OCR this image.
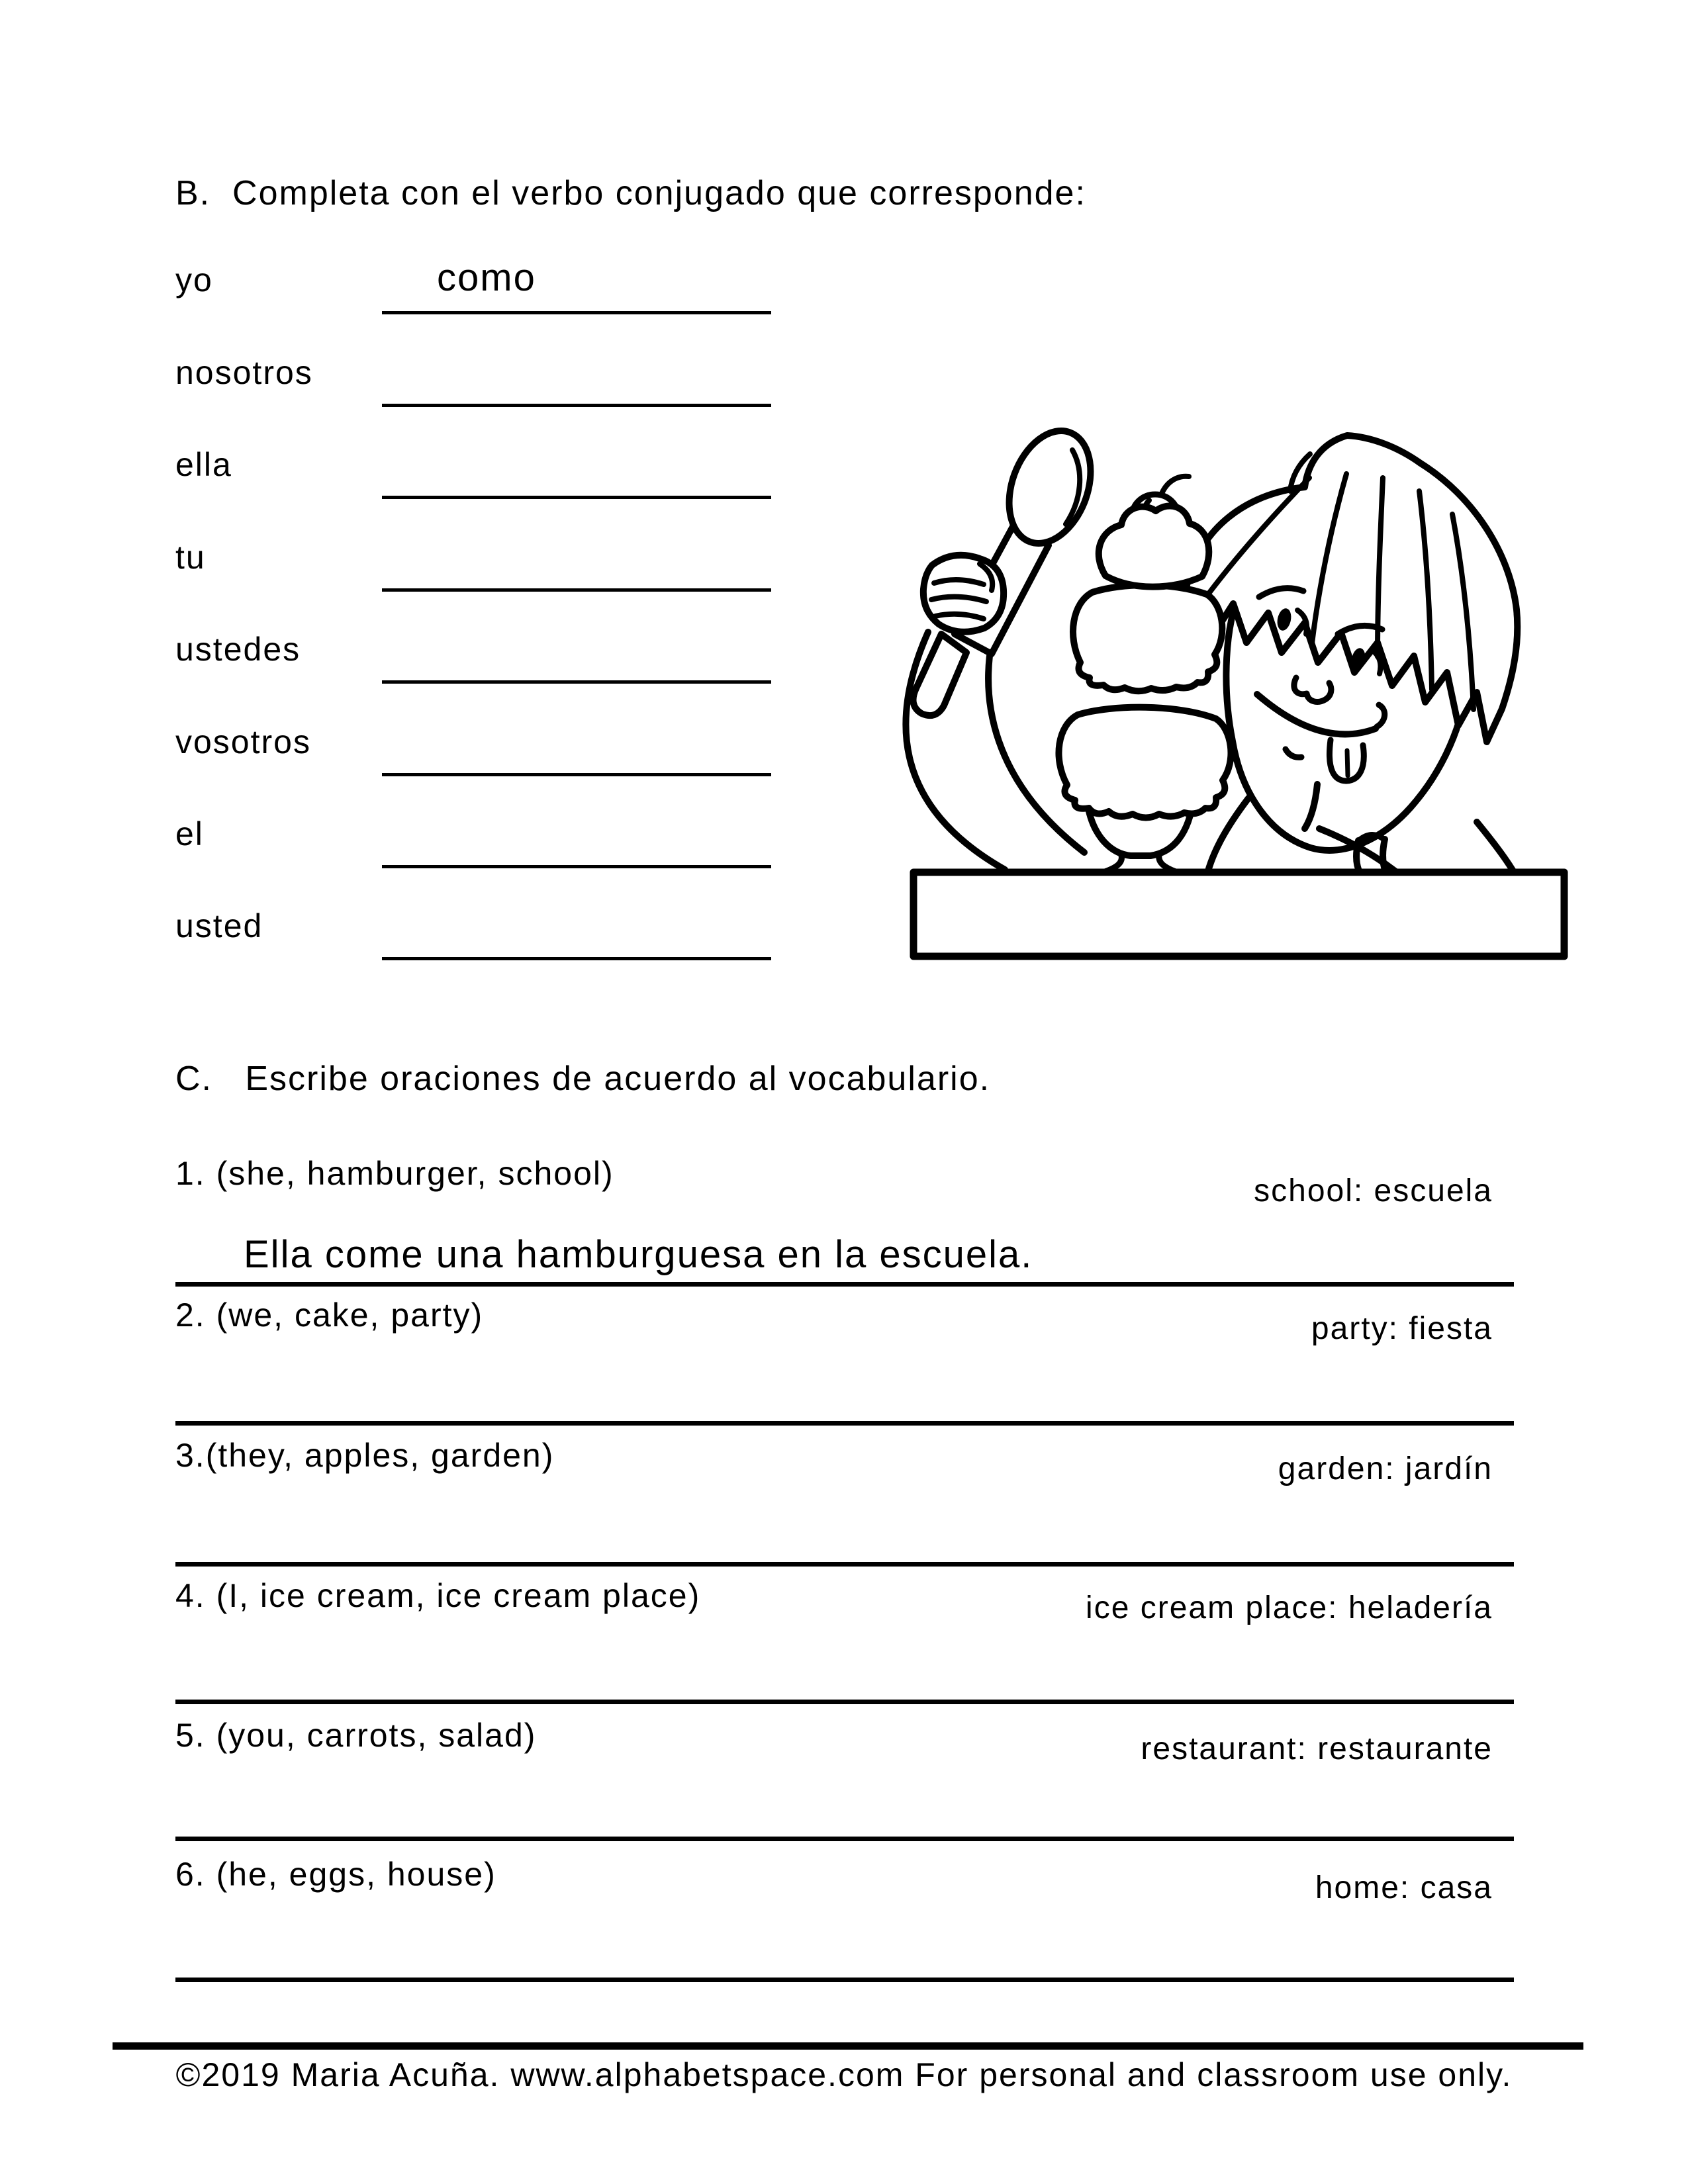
B.  Completa con el verbo conjugado que corresponde:
yo	como
nosotros
ella
tu
ustedes
vosotros
el
usted
C.   Escribe oraciones de acuerdo al vocabulario.
1. (she, hamburger, school)	school: escuela
Ella come una hamburguesa en la escuela.
2. (we, cake, party)	party: fiesta
3.(they, apples, garden)	garden: jardín
4. (I, ice cream, ice cream place)	ice cream place: heladería
5. (you, carrots, salad)	restaurant: restaurante
6. (he, eggs, house)	home: casa
©2019 Maria Acuña. www.alphabetspace.com For personal and classroom use only.
